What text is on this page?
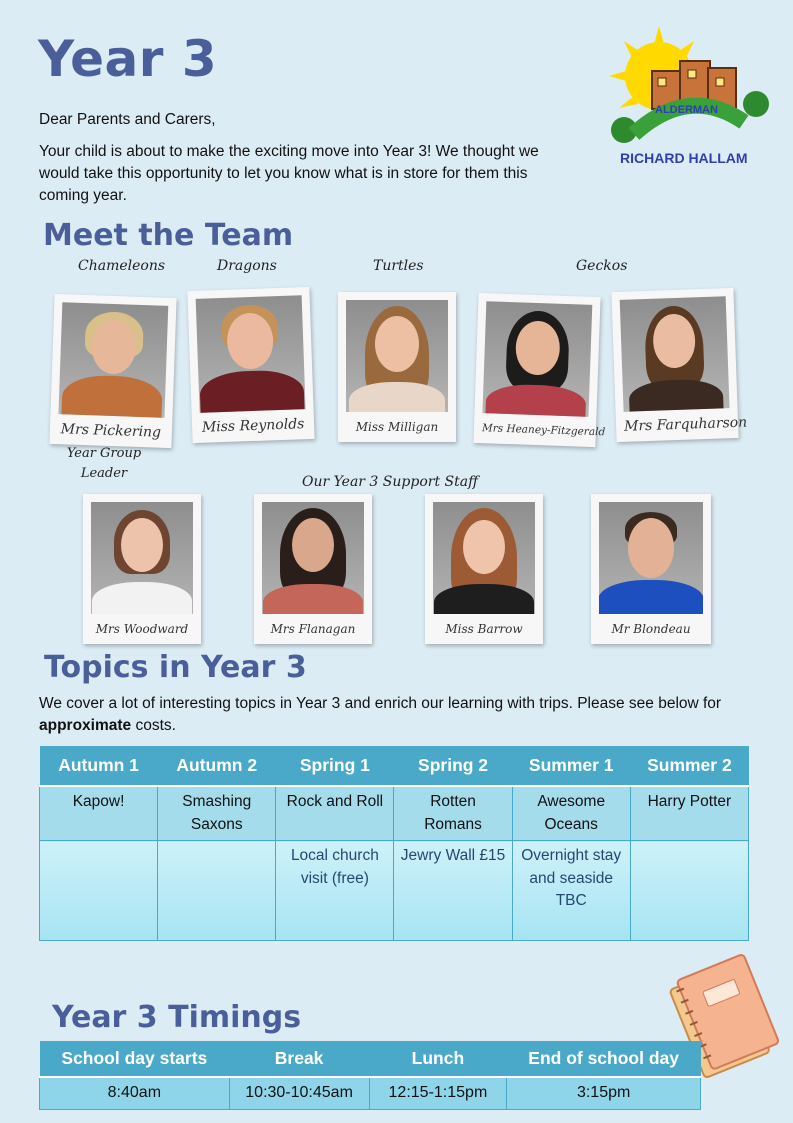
Year 3
Dear Parents and Carers,
Your child is about to make the exciting move into Year 3! We thought we would take this opportunity to let you know what is in store for them this coming year.
ALDERMAN
RICHARD HALLAM
Meet the Team
Chameleons	Dragons	Turtles	Geckos
Mrs Pickering	Miss Reynolds	Miss Milligan	Mrs Heaney-Fitzgerald Mrs Farquharson
Year Group
Leader
Our Year 3 Support Staff
Mrs Woodward	Mrs Flanagan	Miss Barrow	Mr Blondeau
Topics in Year 3
We cover a lot of interesting topics in Year 3 and enrich our learning with trips. Please see below for approximate costs.
Autumn 1	Autumn 2	Spring 1	Spring 2	Summer 1	Summer 2
Kapow!	Smashing Saxons	Rock and Roll	Rotten Romans	Awesome Oceans	Harry Potter
		Local church visit (free)	Jewry Wall £15	Overnight stay and seaside TBC	
Year 3 Timings
School day starts	Break	Lunch	End of school day
8:40am	10:30-10:45am	12:15-1:15pm	3:15pm
